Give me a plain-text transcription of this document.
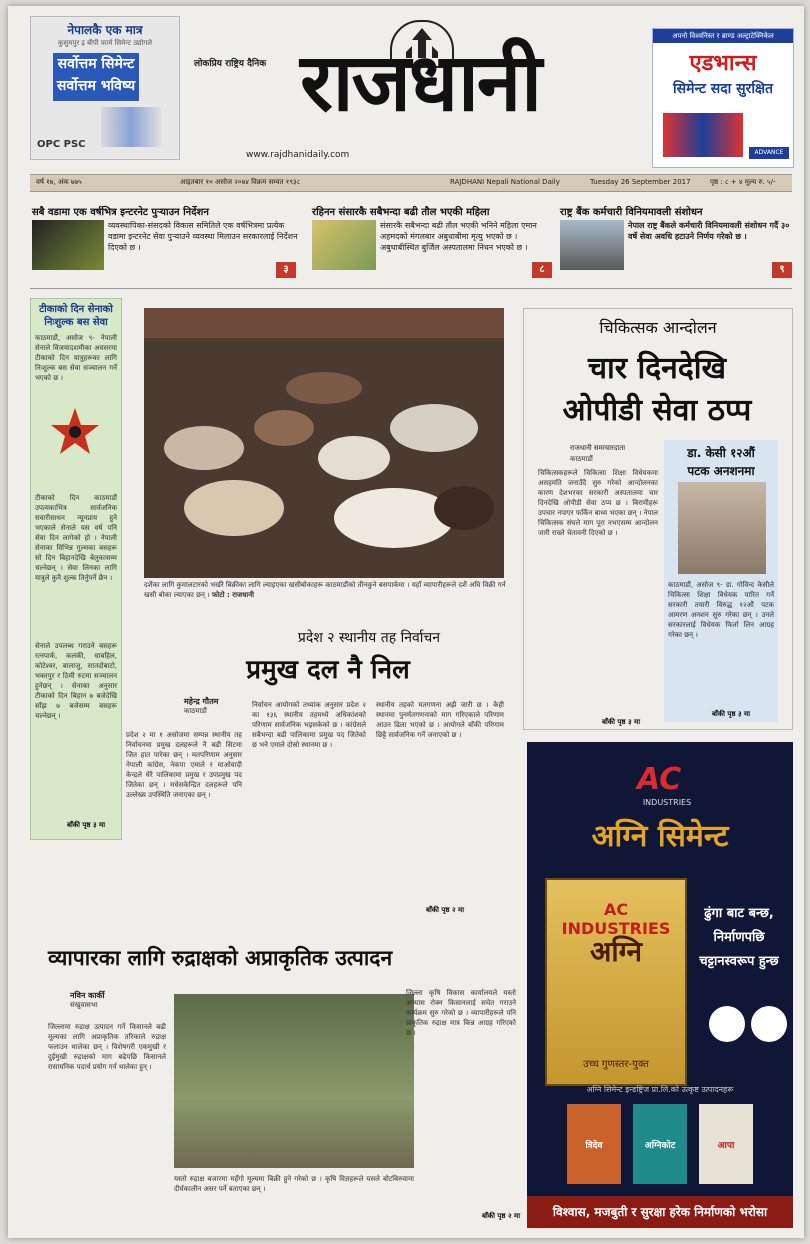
नेपालकै एक मात्र
कुसुमपुर इ बीपी फार्म सिमेन्ट उद्योगले
सर्वोत्तम सिमेन्ट
सर्वोत्तम भविष्य
OPC PSC
लोकप्रिय राष्ट्रिय दैनिक राजधानी
www.rajdhanidaily.com
अपनो विश्वनिस्त र ब्राण्ड अल्ट्राटेक्निकेल
एडभान्स
सिमेन्ट सदा सुरक्षित
ADVANCE
वर्ष १७, अंक ७७५	आइतबार १० असोज २०७४ विक्रम सम्वत १९३८	RAJDHANI Nepali National Daily	Tuesday 26 September 2017	पृष्ठ : ८ + ४ मूल्य रु. ५/-
सबै वडामा एक वर्षभित्र इन्टरनेट पुऱ्याउन निर्देशन
व्यवस्थापिका-संसदको विकास समितिले एक वर्षभित्रमा प्रत्येक वडामा इन्टरनेट सेवा पुऱ्याउने व्यवस्था मिलाउन सरकारलाई निर्देशन दिएको छ ।
३
रहिनन संसारकै सबैभन्दा बढी तौल भएकी महिला
संसारकै सबैभन्दा बढी तौल भएकी भनिने महिला एमान अहमदको मंगलबार अबुधाबीमा मृत्यु भएको छ । अबुधाबीस्थित बुर्जिल अस्पतालमा निधन भएको छ ।
८
राष्ट्र बैंक कर्मचारी विनियमावली संशोधन
नेपाल राष्ट्र बैंकले कर्मचारी विनियमावली संशोधन गर्दै ३० वर्षे सेवा अवधि हटाउने निर्णय गरेको छ ।
९
टीकाको दिन सेनाको निःशुल्क बस सेवा
काठमाडौं, असोज ९- नेपाली सेनाले विजयादशमीका अवसरमा टीकाको दिन यात्रुहरूका लागि निःशुल्क बस सेवा सञ्चालन गर्ने भएको छ ।
टीकाको दिन काठमाडौं उपत्यकाभित्र सार्वजनिक सवारीसाधन न्यूनप्राय हुने भएकाले सेनाले यस वर्ष पनि सेवा दिन लागेको हो । नेपाली सेनाका विभिन्न गुल्मका बसहरू सो दिन बिहानदेखि बेलुकासम्म चल्नेछन् । सेवा लिनका लागि यात्रुले कुनै शुल्क तिर्नुपर्ने छैन ।
सेनाले उपलब्ध गराउने बसहरू रत्नपार्क, कलंकी, चाबहिल, कोटेश्वर, बालाजु, सातदोबाटो, भक्तपुर र ठिमी रुटमा सञ्चालन हुनेछन् । सेनाका अनुसार टीकाको दिन बिहान ७ बजेदेखि साँझ ७ बजेसम्म बसहरू चल्नेछन् ।
बाँकी पृष्ठ ३ मा
दशैंका लागि कुमालटारको भर्खरै बिक्रीका लागि ल्याइएका खसीबोकाहरू काठमाडौंको तीनकुने बसपार्कमा । यहाँ व्यापारीहरूले दशैं अघि विक्री गर्न खसी बोका ल्याएका छन् । फोटो : राजधानी
प्रदेश २ स्थानीय तह निर्वाचन
प्रमुख दल नै निल
महेन्द्र गौतम
काठमाडौं
प्रदेश २ मा १ असोजमा सम्पन्न स्थानीय तह निर्वाचनमा प्रमुख दलहरूले नै बढी सिटमा जित हात पारेका छन् । मतपरिणाम अनुसार नेपाली कांग्रेस, नेकपा एमाले र माओवादी केन्द्रले धेरै पालिकामा प्रमुख र उपप्रमुख पद जितेका छन् । मधेसकेन्द्रित दलहरूले पनि उल्लेख्य उपस्थिति जनाएका छन् ।
निर्वाचन आयोगको तथ्यांक अनुसार प्रदेश २ का १३६ स्थानीय तहमध्ये अधिकांशको परिणाम सार्वजनिक भइसकेको छ । कांग्रेसले सबैभन्दा बढी पालिकामा प्रमुख पद जितेको छ भने एमाले दोस्रो स्थानमा छ ।
स्थानीय तहको मतगणना अझै जारी छ । केही स्थानमा पुनर्मतगणनाको माग गरिएकाले परिणाम आउन ढिला भएको छ । आयोगले बाँकी परिणाम छिट्टै सार्वजनिक गर्ने जनाएको छ ।
बाँकी पृष्ठ २ मा
चिकित्सक आन्दोलन
चार दिनदेखि
ओपीडी सेवा ठप्प
राजधानी समाचारदाता
काठमाडौं
चिकित्सकहरूले चिकित्सा शिक्षा विधेयकमा असहमति जनाउँदै सुरु गरेको आन्दोलनका कारण देशभरका सरकारी अस्पतालमा चार दिनदेखि ओपीडी सेवा ठप्प छ । बिरामीहरू उपचार नपाएर फर्किन बाध्य भएका छन् । नेपाल चिकित्सक संघले माग पूरा नभएसम्म आन्दोलन जारी राख्ने चेतावनी दिएको छ ।
बाँकी पृष्ठ ३ मा
डा. केसी १२औं
पटक अनशनमा
काठमाडौं, असोज ९- डा. गोविन्द केसीले चिकित्सा शिक्षा विधेयक पारित गर्ने सरकारी तयारी विरुद्ध १२औं पटक आमरण अनशन सुरु गरेका छन् । उनले सरकारलाई विधेयक फिर्ता लिन आग्रह गरेका छन् ।
बाँकी पृष्ठ ३ मा
व्यापारका लागि रुद्राक्षको अप्राकृतिक उत्पादन
नविन कार्की
संखुवासभा
जिल्लामा रुद्राक्ष उत्पादन गर्ने किसानले बढी मूल्यका लागि अप्राकृतिक तरिकाले रुद्राक्ष फलाउन थालेका छन् । विशेषगरी एकमुखी र दुईमुखी रुद्राक्षको माग बढेपछि किसानले रासायनिक पदार्थ प्रयोग गर्न थालेका हुन् ।
यस्तो रुद्राक्ष बजारमा महँगो मूल्यमा बिक्री हुने गरेको छ । कृषि विज्ञहरूले यसले बोटबिरुवामा दीर्घकालीन असर पर्ने बताएका छन् ।
जिल्ला कृषि विकास कार्यालयले यस्तो अभ्यास रोक्न किसानलाई सचेत गराउने कार्यक्रम सुरु गरेको छ । व्यापारीहरूले पनि प्राकृतिक रुद्राक्ष मात्र किन्न आग्रह गरिएको छ ।
बाँकी पृष्ठ २ मा
AC
INDUSTRIES
अग्नि सिमेन्ट
AC INDUSTRIES
अग्नि
उच्च गुणस्तर-युक्त
ढुंगा बाट बन्छ,
निर्माणपछि
चट्टानस्वरूप हुन्छ
अग्नि सिमेन्ट इन्डष्ट्रिज प्रा.लि.को उत्कृष्ट उत्पादनहरू
त्रिदेव	अग्निकोट	आपा
विश्वास, मजबुती र सुरक्षा हरेक निर्माणको भरोसा
